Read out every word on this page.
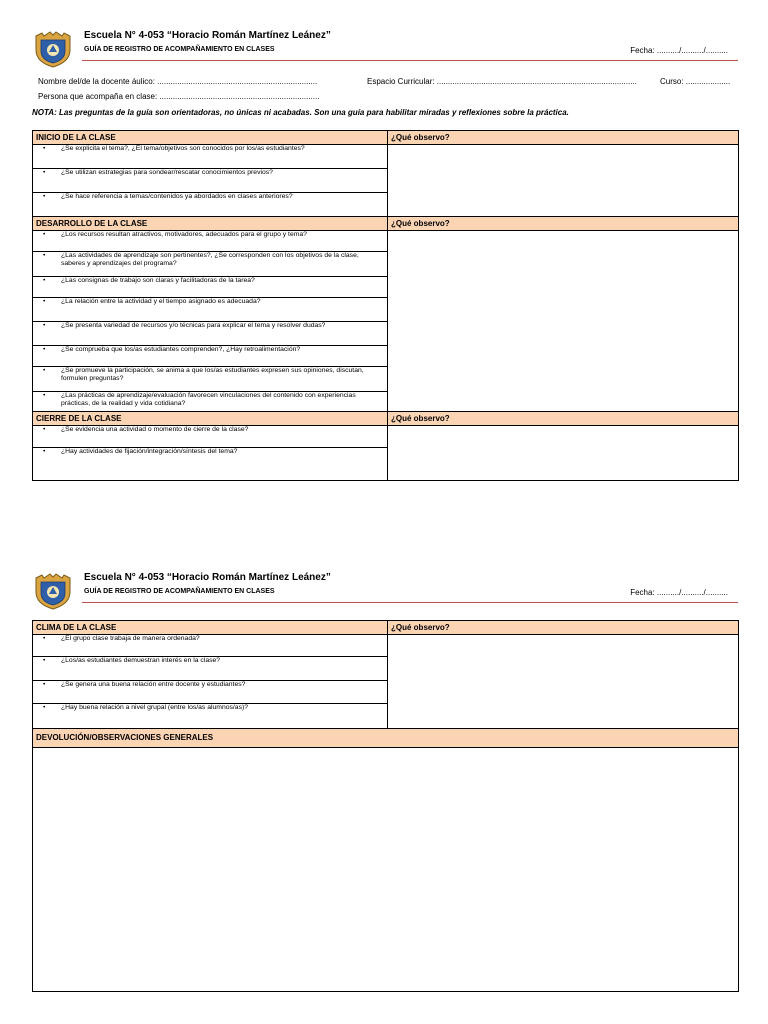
Escuela N° 4-053 “Horacio Román Martínez Leánez”
GUÍA DE REGISTRO DE ACOMPAÑAMIENTO EN CLASES	Fecha: ........../........../..........
Nombre del/de la docente áulico: ........................................................................	Espacio Curricular: ..........................................................................................	Curso: ....................
Persona que acompaña en clase: ........................................................................
NOTA: Las preguntas de la guía son orientadoras, no únicas ni acabadas. Son una guía para habilitar miradas y reflexiones sobre la práctica.
INICIO DE LA CLASE	¿Qué observo?
• ¿Se explicita el tema?, ¿El tema/objetivos son conocidos por los/as estudiantes?	
• ¿Se utilizan estrategias para sondear/rescatar conocimientos previos?	
• ¿Se hace referencia a temas/contenidos ya abordados en clases anteriores?	
DESARROLLO DE LA CLASE	¿Qué observo?
• ¿Los recursos resultan atractivos, motivadores, adecuados para el grupo y tema?	
• ¿Las actividades de aprendizaje son pertinentes?, ¿Se corresponden con los objetivos de la clase, saberes y aprendizajes del programa?	
• ¿Las consignas de trabajo son claras y facilitadoras de la tarea?	
• ¿La relación entre la actividad y el tiempo asignado es adecuada?	
• ¿Se presenta variedad de recursos y/o técnicas para explicar el tema y resolver dudas?	
• ¿Se comprueba que los/as estudiantes comprenden?, ¿Hay retroalimentación?	
• ¿Se promueve la participación, se anima a que los/as estudiantes expresen sus opiniones, discutan, formulen preguntas?	
• ¿Las prácticas de aprendizaje/evaluación favorecen vinculaciones del contenido con experiencias prácticas, de la realidad y vida cotidiana?	
CIERRE DE LA CLASE	¿Qué observo?
• ¿Se evidencia una actividad o momento de cierre de la clase?	
• ¿Hay actividades de fijación/integración/síntesis del tema?	
Escuela N° 4-053 “Horacio Román Martínez Leánez”
GUÍA DE REGISTRO DE ACOMPAÑAMIENTO EN CLASES	Fecha: ........../........../..........
CLIMA DE LA CLASE	¿Qué observo?
• ¿El grupo clase trabaja de manera ordenada?	
• ¿Los/as estudiantes demuestran interés en la clase?	
• ¿Se genera una buena relación entre docente y estudiantes?	
• ¿Hay buena relación a nivel grupal (entre los/as alumnos/as)?	
DEVOLUCIÓN/OBSERVACIONES GENERALES	
